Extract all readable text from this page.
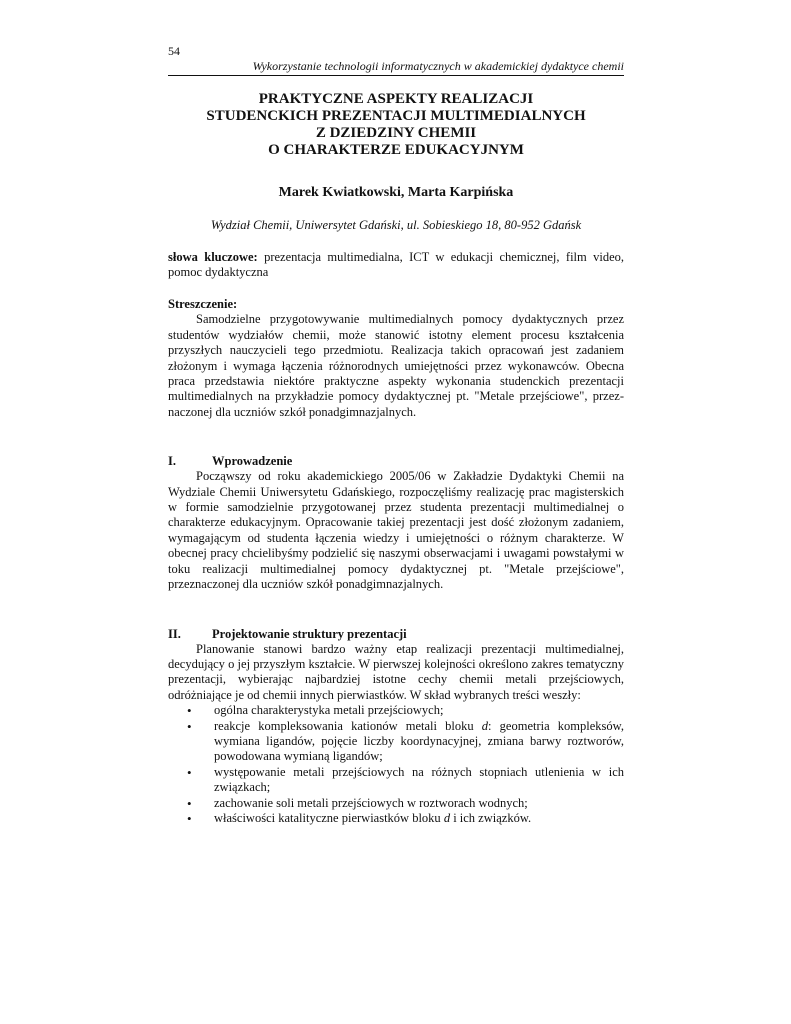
54
Wykorzystanie technologii informatycznych w akademickiej dydaktyce chemii
PRAKTYCZNE ASPEKTY REALIZACJI
STUDENCKICH PREZENTACJI MULTIMEDIALNYCH
Z DZIEDZINY CHEMII
O CHARAKTERZE EDUKACYJNYM
Marek Kwiatkowski, Marta Karpińska
Wydział Chemii, Uniwersytet Gdański, ul. Sobieskiego 18, 80-952 Gdańsk
słowa kluczowe: prezentacja multimedialna, ICT w edukacji chemicznej, film video, pomoc dydaktyczna
Streszczenie:

Samodzielne przygotowywanie multimedialnych pomocy dydaktycznych przez studentów wydziałów chemii, może stanowić istotny element procesu kształcenia przyszłych nauczycieli tego przedmiotu. Realizacja takich opracowań jest zadaniem złożonym i wymaga łączenia różnorodnych umiejętności przez wykonawców. Obecna praca przedstawia niektóre praktyczne aspekty wykonania studenckich prezentacji multimedialnych na przykładzie pomocy dydaktycznej pt. "Metale przejściowe", przeznaczonej dla uczniów szkół ponadgimnazjalnych.

I.	Wprowadzenie

Począwszy od roku akademickiego 2005/06 w Zakładzie Dydaktyki Chemii na Wydziale Chemii Uniwersytetu Gdańskiego, rozpoczęliśmy realizację prac magisterskich w formie samodzielnie przygotowanej przez studenta prezentacji multimedialnej o charakterze edukacyjnym. Opracowanie takiej prezentacji jest dość złożonym zadaniem, wymagającym od studenta łączenia wiedzy i umiejętności o różnym charakterze. W obecnej pracy chcielibyśmy podzielić się naszymi obserwacjami i uwagami powstałymi w toku realizacji multimedialnej pomocy dydaktycznej pt. "Metale przejściowe", przeznaczonej dla uczniów szkół ponadgimnazjalnych.

II.	Projektowanie struktury prezentacji

Planowanie stanowi bardzo ważny etap realizacji prezentacji multimedialnej, decydujący o jej przyszłym kształcie. W pierwszej kolejności określono zakres tematyczny prezentacji, wybierając najbardziej istotne cechy chemii metali przejściowych, odróżniające je od chemii innych pierwiastków. W skład wybranych treści weszły:

• ogólna charakterystyka metali przejściowych;
• reakcje kompleksowania kationów metali bloku d: geometria kompleksów, wymiana ligandów, pojęcie liczby koordynacyjnej, zmiana barwy roztworów, powodowana wymianą ligandów;
• występowanie metali przejściowych na różnych stopniach utlenienia w ich związkach;
• zachowanie soli metali przejściowych w roztworach wodnych;
• właściwości katalityczne pierwiastków bloku d i ich związków.
